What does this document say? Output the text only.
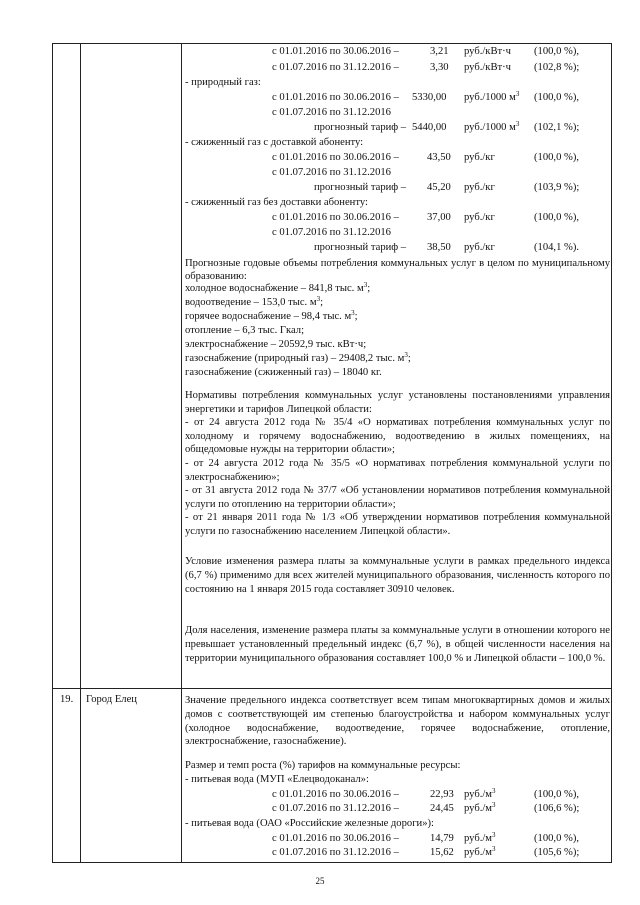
с 01.01.2016 по 30.06.2016 –	3,21 руб./кВт·ч (100,0 %),
с 01.07.2016 по 31.12.2016 –	3,30 руб./кВт·ч (102,8 %);
- природный газ:
с 01.01.2016 по 30.06.2016 – 5330,00 руб./1000 $м^3$ (100,0 %),
с 01.07.2016 по 31.12.2016
прогнозный тариф – 5440,00 руб./1000 $м^3$ (102,1 %);
- сжиженный газ с доставкой абоненту:
с 01.01.2016 по 30.06.2016 –	43,50 руб./кг	(100,0 %),
с 01.07.2016 по 31.12.2016
прогнозный тариф – 45,20 руб./кг	(103,9 %);
- сжиженный газ без доставки абоненту:
с 01.01.2016 по 30.06.2016 –	37,00 руб./кг	(100,0 %),
с 01.07.2016 по 31.12.2016
прогнозный тариф – 38,50 руб./кг	(104,1 %).
Прогнозные годовые объемы потребления коммунальных услуг в целом по муниципальному образованию:
холодное водоснабжение – 841,8 тыс. $м^3$;
водоотведение – 153,0 тыс. $м^3$;
горячее водоснабжение – 98,4 тыс. $м^3$;
отопление – 6,3 тыс. Гкал;
электроснабжение – 20592,9 тыс. кВт·ч;
газоснабжение (природный газ) – 29408,2 тыс. $м^3$;
газоснабжение (сжиженный газ) – 18040 кг.
Нормативы потребления коммунальных услуг установлены постановлениями управления энергетики и тарифов Липецкой области:
- от 24 августа 2012 года № 35/4 «О нормативах потребления коммунальных услуг по холодному и горячему водоснабжению, водоотведению в жилых помещениях, на общедомовые нужды на территории области»;
- от 24 августа 2012 года № 35/5 «О нормативах потребления коммунальной услуги по электроснабжению»;
- от 31 августа 2012 года № 37/7 «Об установлении нормативов потребления коммунальной услуги по отоплению на территории области»;
- от 21 января 2011 года № 1/3 «Об утверждении нормативов потребления коммунальной услуги по газоснабжению населением Липецкой области».
Условие изменения размера платы за коммунальные услуги в рамках предельного индекса (6,7 %) применимо для всех жителей муниципального образования, численность которого по состоянию на 1 января 2015 года составляет 30910 человек.
Доля населения, изменение размера платы за коммунальные услуги в отношении которого не превышает установленный предельный индекс (6,7 %), в общей численности населения на территории муниципального образования составляет 100,0 % и Липецкой области – 100,0 %.
19. Город Елец	Значение предельного индекса соответствует всем типам многоквартирных домов и жилых домов с соответствующей им степенью благоустройства и набором коммунальных услуг (холодное водоснабжение, водоотведение, горячее водоснабжение, отопление, электроснабжение, газоснабжение).
Размер и темп роста (%) тарифов на коммунальные ресурсы:
- питьевая вода (МУП «Елецводоканал»:
с 01.01.2016 по 30.06.2016 –	22,93 $руб./м^3$	(100,0 %),
с 01.07.2016 по 31.12.2016 –	24,45 $руб./м^3$	(106,6 %);
- питьевая вода (ОАО «Российские железные дороги»):
с 01.01.2016 по 30.06.2016 –	14,79 $руб./м^3$	(100,0 %),
с 01.07.2016 по 31.12.2016 –	15,62 $руб./м^3$	(105,6 %);
25
